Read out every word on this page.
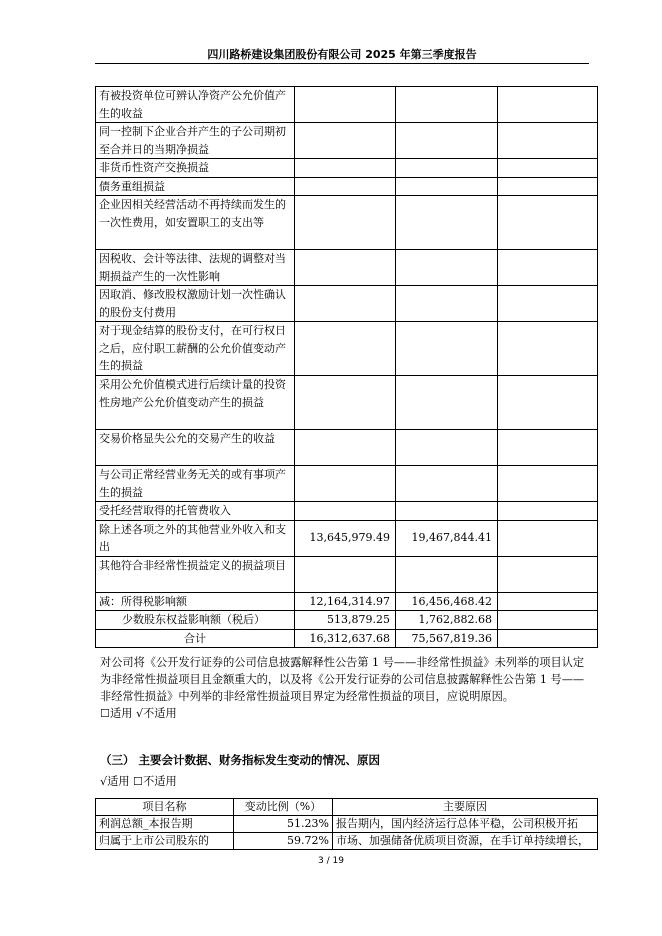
四川路桥建设集团股份有限公司 2025 年第三季度报告
有被投资单位可辨认净资产公允价值产生的收益			
同一控制下企业合并产生的子公司期初至合并日的当期净损益			
非货币性资产交换损益			
债务重组损益			
企业因相关经营活动不再持续而发生的一次性费用，如安置职工的支出等			
因税收、会计等法律、法规的调整对当期损益产生的一次性影响			
因取消、修改股权激励计划一次性确认的股份支付费用			
对于现金结算的股份支付，在可行权日之后，应付职工薪酬的公允价值变动产生的损益			
采用公允价值模式进行后续计量的投资性房地产公允价值变动产生的损益			
交易价格显失公允的交易产生的收益			
与公司正常经营业务无关的或有事项产生的损益			
受托经营取得的托管费收入			
除上述各项之外的其他营业外收入和支出	13,645,979.49	19,467,844.41	
其他符合非经常性损益定义的损益项目			
减：所得税影响额	12,164,314.97	16,456,468.42	
少数股东权益影响额（税后）	513,879.25	1,762,882.68	
合计	16,312,637.68	75,567,819.36	
对公司将《公开发行证券的公司信息披露解释性公告第 1 号——非经常性损益》未列举的项目认定为非经常性损益项目且金额重大的，以及将《公开发行证券的公司信息披露解释性公告第 1 号——非经常性损益》中列举的非经常性损益项目界定为经常性损益的项目，应说明原因。
☐适用 √不适用
（三） 主要会计数据、财务指标发生变动的情况、原因
√适用 ☐不适用
项目名称	变动比例（%）	主要原因
利润总额_本报告期	51.23%	报告期内，国内经济运行总体平稳，公司积极开拓
归属于上市公司股东的	59.72%	市场、加强储备优质项目资源，在手订单持续增长，
3 / 19
